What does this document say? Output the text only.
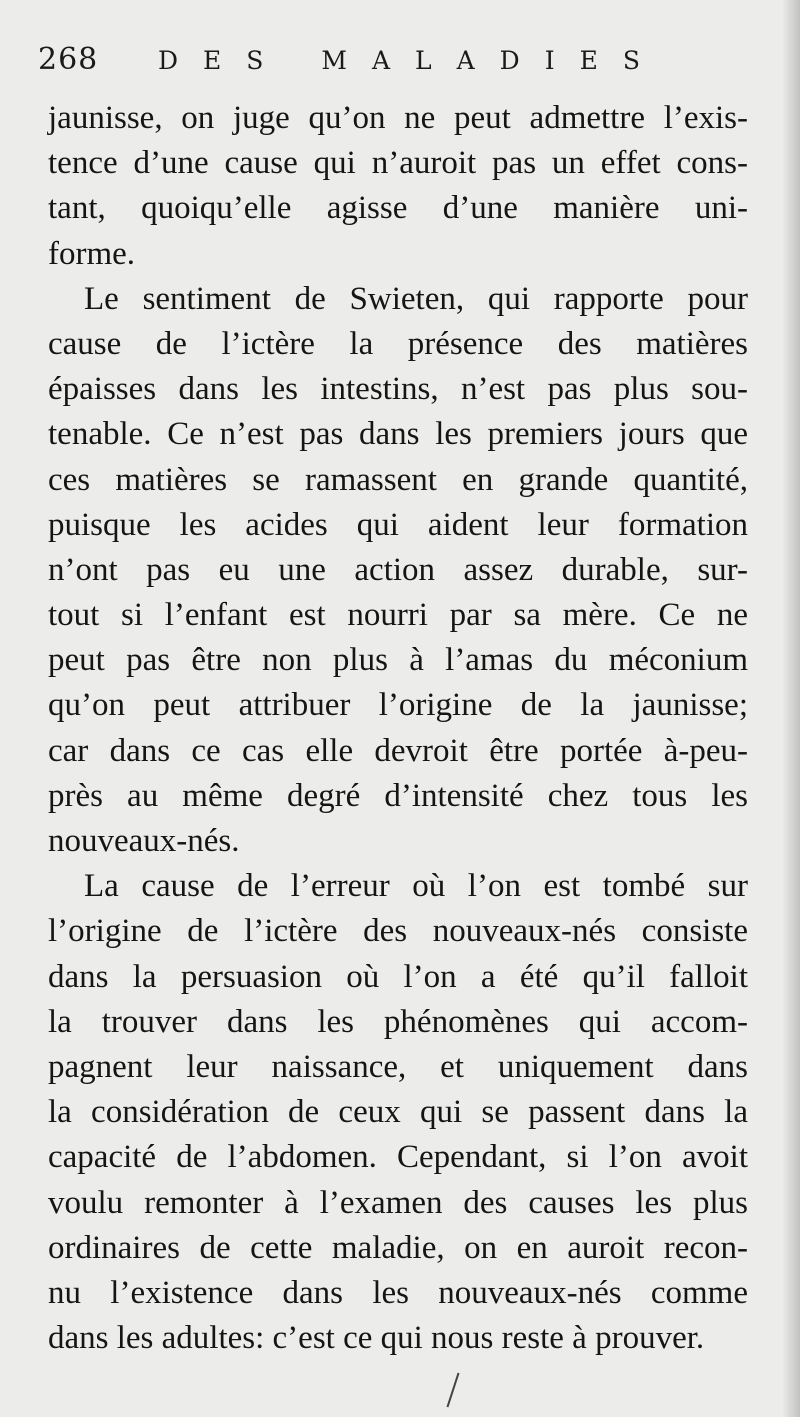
268 DES MALADIES
jaunisse, on juge qu’on ne peut admettre l’exis-
tence d’une cause qui n’auroit pas un effet cons-
tant, quoiqu’elle agisse d’une manière uni-
forme.
Le sentiment de Swieten, qui rapporte pour
cause de l’ictère la présence des matières
épaisses dans les intestins, n’est pas plus sou-
tenable. Ce n’est pas dans les premiers jours que
ces matières se ramassent en grande quantité,
puisque les acides qui aident leur formation
n’ont pas eu une action assez durable, sur-
tout si l’enfant est nourri par sa mère. Ce ne
peut pas être non plus à l’amas du méconium
qu’on peut attribuer l’origine de la jaunisse;
car dans ce cas elle devroit être portée à-peu-
près au même degré d’intensité chez tous les
nouveaux-nés.
La cause de l’erreur où l’on est tombé sur
l’origine de l’ictère des nouveaux-nés consiste
dans la persuasion où l’on a été qu’il falloit
la trouver dans les phénomènes qui accom-
pagnent leur naissance, et uniquement dans
la considération de ceux qui se passent dans la
capacité de l’abdomen. Cependant, si l’on avoit
voulu remonter à l’examen des causes les plus
ordinaires de cette maladie, on en auroit recon-
nu l’existence dans les nouveaux-nés comme
dans les adultes: c’est ce qui nous reste à prouver.
